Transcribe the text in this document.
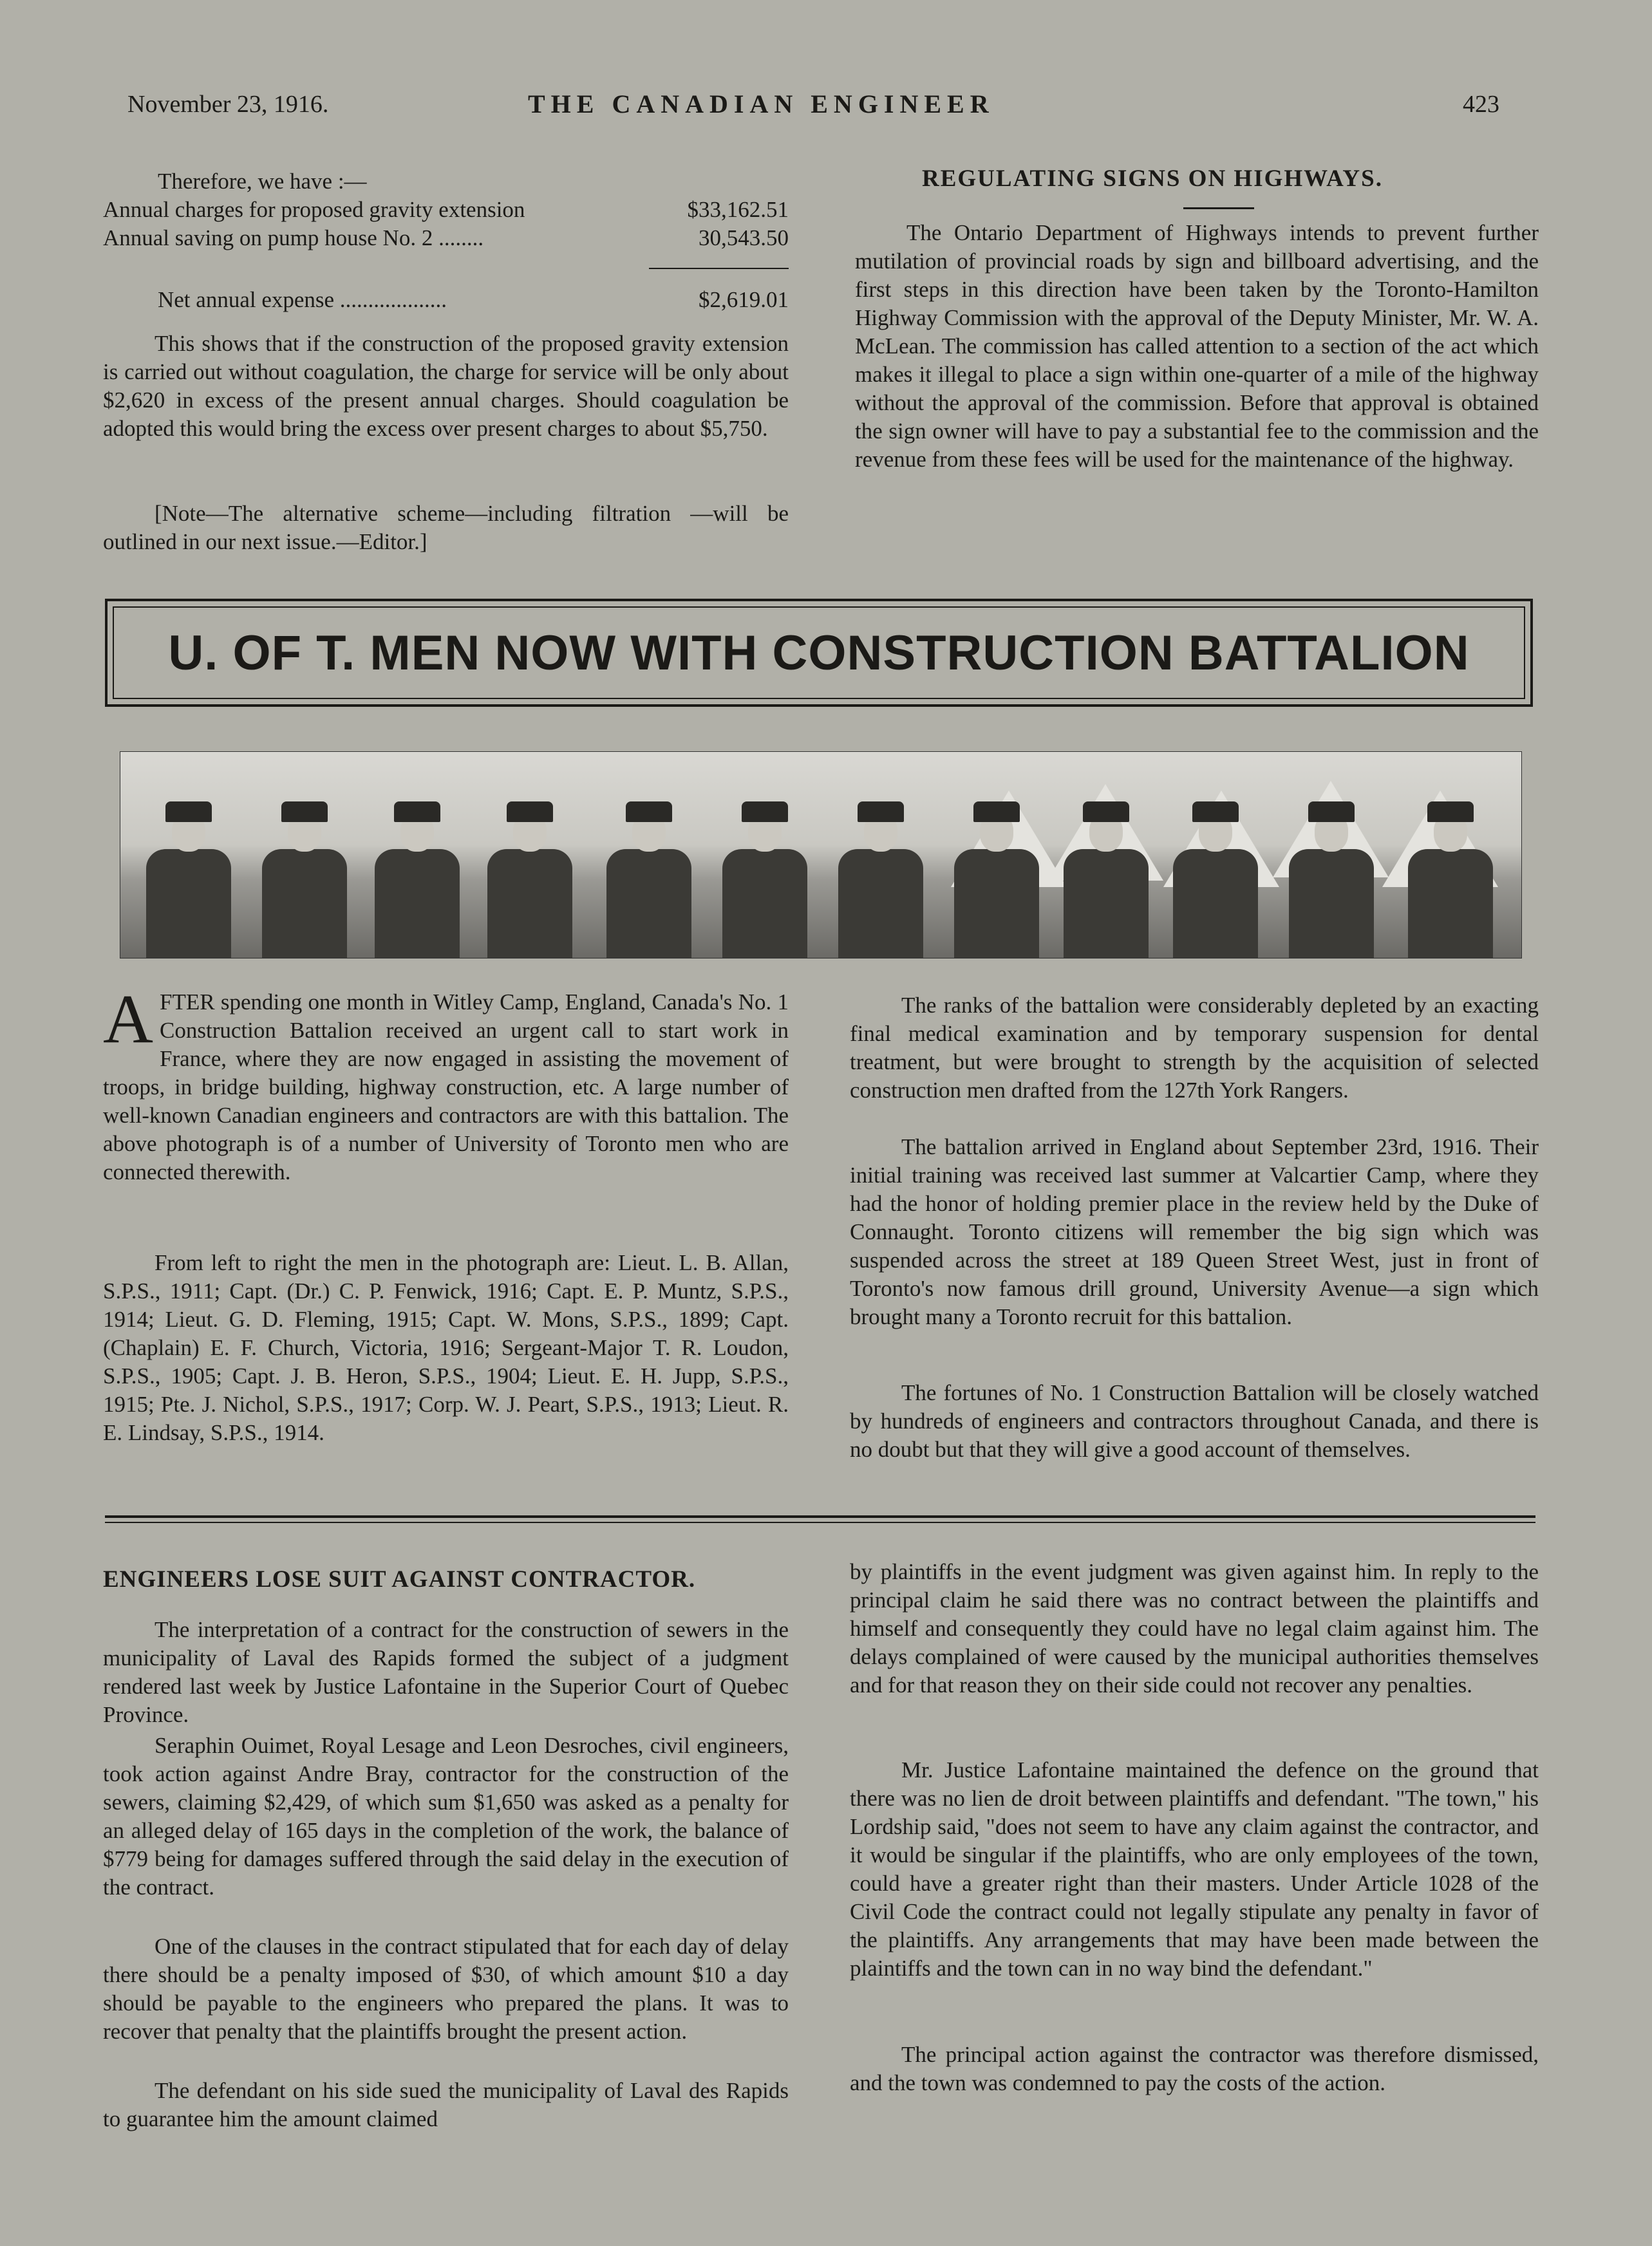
November 23, 1916.	THE CANADIAN ENGINEER	423
Therefore, we have :—
Annual charges for proposed gravity extension	$33,162.51
Annual saving on pump house No. 2 ........	30,543.50
Net annual expense ...................	$2,619.01
This shows that if the construction of the proposed gravity extension is carried out without coagulation, the charge for service will be only about $2,620 in excess of the present annual charges. Should coagulation be adopted this would bring the excess over present charges to about $5,750.
[Note—The alternative scheme—including filtration —will be outlined in our next issue.—Editor.]
REGULATING SIGNS ON HIGHWAYS.
The Ontario Department of Highways intends to prevent further mutilation of provincial roads by sign and billboard advertising, and the first steps in this direction have been taken by the Toronto-Hamilton Highway Commission with the approval of the Deputy Minister, Mr. W. A. McLean. The commission has called attention to a section of the act which makes it illegal to place a sign within one-quarter of a mile of the highway without the approval of the commission. Before that approval is obtained the sign owner will have to pay a substantial fee to the commission and the revenue from these fees will be used for the maintenance of the highway.
U. OF T. MEN NOW WITH CONSTRUCTION BATTALION
AFTER spending one month in Witley Camp, England, Canada's No. 1 Construction Battalion received an urgent call to start work in France, where they are now engaged in assisting the movement of troops, in bridge building, highway construction, etc. A large number of well-known Canadian engineers and contractors are with this battalion. The above photograph is of a number of University of Toronto men who are connected therewith.
From left to right the men in the photograph are: Lieut. L. B. Allan, S.P.S., 1911; Capt. (Dr.) C. P. Fenwick, 1916; Capt. E. P. Muntz, S.P.S., 1914; Lieut. G. D. Fleming, 1915; Capt. W. Mons, S.P.S., 1899; Capt. (Chaplain) E. F. Church, Victoria, 1916; Sergeant-Major T. R. Loudon, S.P.S., 1905; Capt. J. B. Heron, S.P.S., 1904; Lieut. E. H. Jupp, S.P.S., 1915; Pte. J. Nichol, S.P.S., 1917; Corp. W. J. Peart, S.P.S., 1913; Lieut. R. E. Lindsay, S.P.S., 1914.
The ranks of the battalion were considerably depleted by an exacting final medical examination and by temporary suspension for dental treatment, but were brought to strength by the acquisition of selected construction men drafted from the 127th York Rangers.
The battalion arrived in England about September 23rd, 1916. Their initial training was received last summer at Valcartier Camp, where they had the honor of holding premier place in the review held by the Duke of Connaught. Toronto citizens will remember the big sign which was suspended across the street at 189 Queen Street West, just in front of Toronto's now famous drill ground, University Avenue—a sign which brought many a Toronto recruit for this battalion.
The fortunes of No. 1 Construction Battalion will be closely watched by hundreds of engineers and contractors throughout Canada, and there is no doubt but that they will give a good account of themselves.
ENGINEERS LOSE SUIT AGAINST CONTRACTOR.
The interpretation of a contract for the construction of sewers in the municipality of Laval des Rapids formed the subject of a judgment rendered last week by Justice Lafontaine in the Superior Court of Quebec Province.
Seraphin Ouimet, Royal Lesage and Leon Desroches, civil engineers, took action against Andre Bray, contractor for the construction of the sewers, claiming $2,429, of which sum $1,650 was asked as a penalty for an alleged delay of 165 days in the completion of the work, the balance of $779 being for damages suffered through the said delay in the execution of the contract.
One of the clauses in the contract stipulated that for each day of delay there should be a penalty imposed of $30, of which amount $10 a day should be payable to the engineers who prepared the plans. It was to recover that penalty that the plaintiffs brought the present action.
The defendant on his side sued the municipality of Laval des Rapids to guarantee him the amount claimed
by plaintiffs in the event judgment was given against him. In reply to the principal claim he said there was no contract between the plaintiffs and himself and consequently they could have no legal claim against him. The delays complained of were caused by the municipal authorities themselves and for that reason they on their side could not recover any penalties.
Mr. Justice Lafontaine maintained the defence on the ground that there was no lien de droit between plaintiffs and defendant. "The town," his Lordship said, "does not seem to have any claim against the contractor, and it would be singular if the plaintiffs, who are only employees of the town, could have a greater right than their masters. Under Article 1028 of the Civil Code the contract could not legally stipulate any penalty in favor of the plaintiffs. Any arrangements that may have been made between the plaintiffs and the town can in no way bind the defendant."
The principal action against the contractor was therefore dismissed, and the town was condemned to pay the costs of the action.
